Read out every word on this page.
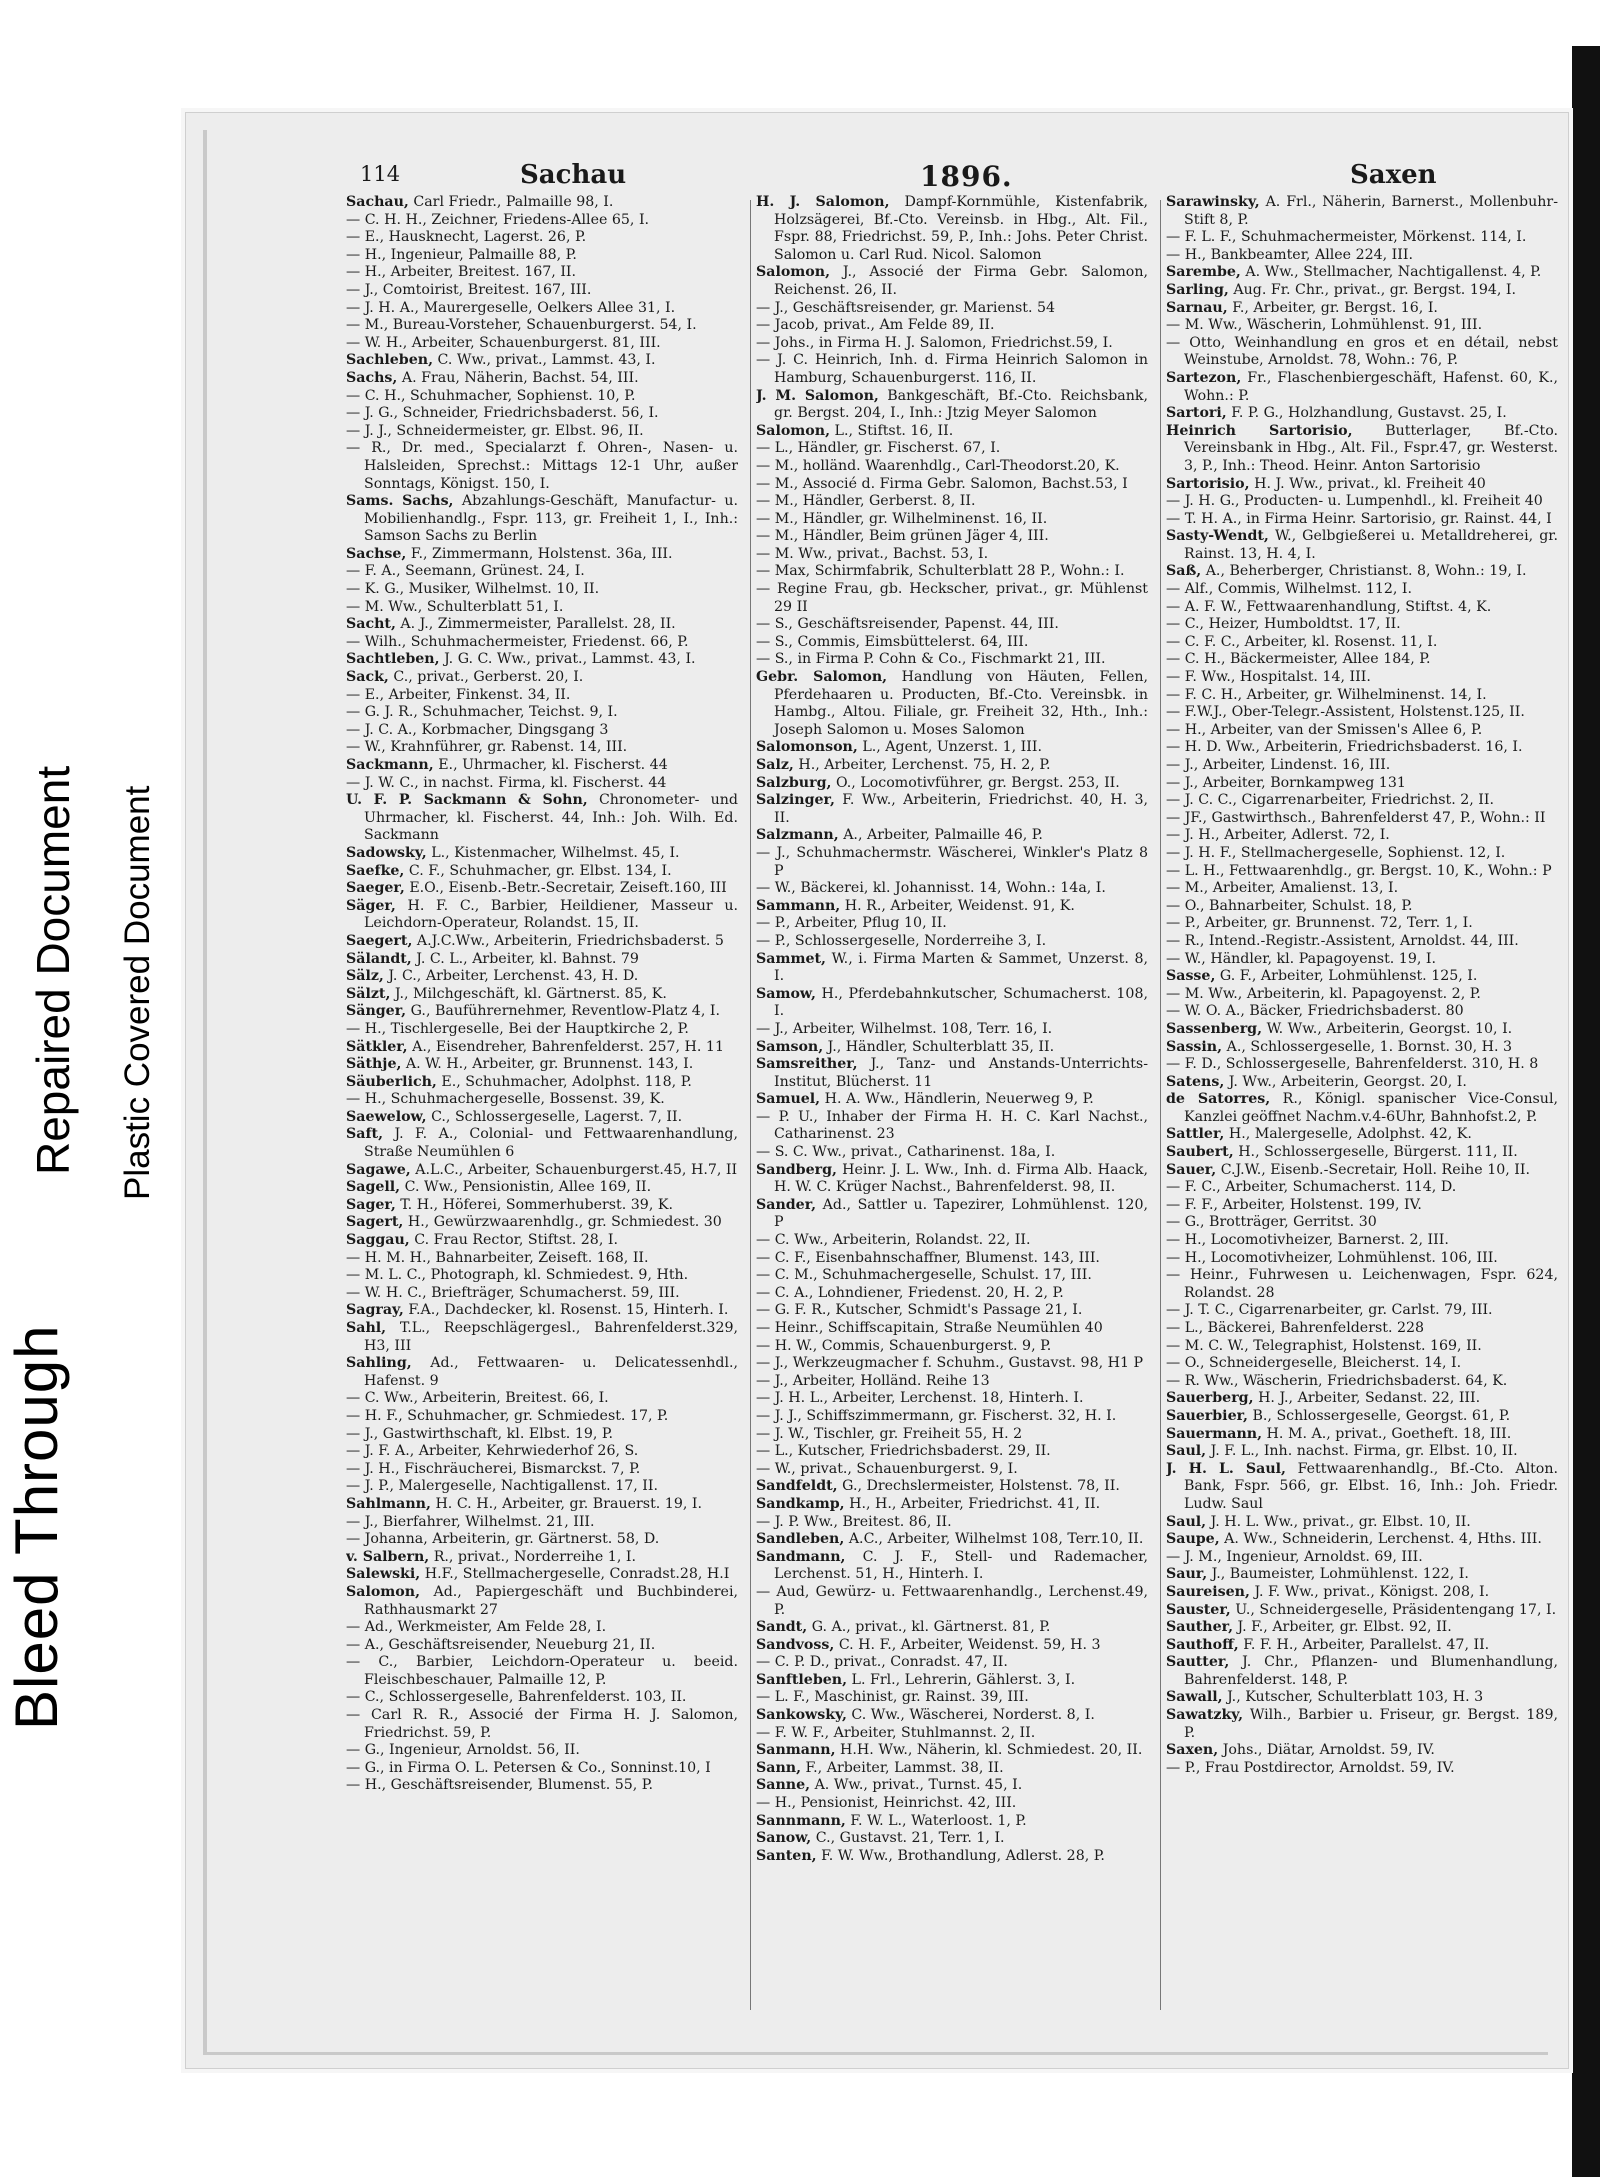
Bleed Through
Repaired Document Plastic Covered Document
114	Sachau	1896.	Saxen

Sachau, Carl Friedr., Palmaille 98, I.

— C. H. H., Zeichner, Friedens-Allee 65, I.

— E., Hausknecht, Lagerst. 26, P.

— H., Ingenieur, Palmaille 88, P.

— H., Arbeiter, Breitest. 167, II.

— J., Comtoirist, Breitest. 167, III.

— J. H. A., Maurergeselle, Oelkers Allee 31, I.

— M., Bureau-Vorsteher, Schauenburgerst. 54, I.

— W. H., Arbeiter, Schauenburgerst. 81, III.

Sachleben, C. Ww., privat., Lammst. 43, I.

Sachs, A. Frau, Näherin, Bachst. 54, III.

— C. H., Schuhmacher, Sophienst. 10, P.

— J. G., Schneider, Friedrichsbaderst. 56, I.

— J. J., Schneidermeister, gr. Elbst. 96, II.

— R., Dr. med., Specialarzt f. Ohren-, Nasen- u. Halsleiden, Sprechst.: Mittags 12-1 Uhr, außer Sonntags, Königst. 150, I.

Sams. Sachs, Abzahlungs-Geschäft, Manufactur- u. Mobilienhandlg., Fspr. 113, gr. Freiheit 1, I., Inh.: Samson Sachs zu Berlin

Sachse, F., Zimmermann, Holstenst. 36a, III.

— F. A., Seemann, Grünest. 24, I.

— K. G., Musiker, Wilhelmst. 10, II.

— M. Ww., Schulterblatt 51, I.

Sacht, A. J., Zimmermeister, Parallelst. 28, II.

— Wilh., Schuhmachermeister, Friedenst. 66, P.

Sachtleben, J. G. C. Ww., privat., Lammst. 43, I.

Sack, C., privat., Gerberst. 20, I.

— E., Arbeiter, Finkenst. 34, II.

— G. J. R., Schuhmacher, Teichst. 9, I.

— J. C. A., Korbmacher, Dingsgang 3

— W., Krahnführer, gr. Rabenst. 14, III.

Sackmann, E., Uhrmacher, kl. Fischerst. 44

— J. W. C., in nachst. Firma, kl. Fischerst. 44

U. F. P. Sackmann & Sohn, Chronometer- und Uhrmacher, kl. Fischerst. 44, Inh.: Joh. Wilh. Ed. Sackmann

Sadowsky, L., Kistenmacher, Wilhelmst. 45, I.

Saefke, C. F., Schuhmacher, gr. Elbst. 134, I.

Saeger, E.O., Eisenb.-Betr.-Secretair, Zeiseft.160, III

Säger, H. F. C., Barbier, Heildiener, Masseur u. Leichdorn-Operateur, Rolandst. 15, II.

Saegert, A.J.C.Ww., Arbeiterin, Friedrichsbaderst. 5

Sälandt, J. C. L., Arbeiter, kl. Bahnst. 79

Sälz, J. C., Arbeiter, Lerchenst. 43, H. D.

Sälzt, J., Milchgeschäft, kl. Gärtnerst. 85, K.

Sänger, G., Bauführernehmer, Reventlow-Platz 4, I.

— H., Tischlergeselle, Bei der Hauptkirche 2, P.

Sätkler, A., Eisendreher, Bahrenfelderst. 257, H. 11

Säthje, A. W. H., Arbeiter, gr. Brunnenst. 143, I.

Säuberlich, E., Schuhmacher, Adolphst. 118, P.

— H., Schuhmachergeselle, Bossenst. 39, K.

Saewelow, C., Schlossergeselle, Lagerst. 7, II.

Saft, J. F. A., Colonial- und Fettwaarenhandlung, Straße Neumühlen 6

Sagawe, A.L.C., Arbeiter, Schauenburgerst.45, H.7, II

Sagell, C. Ww., Pensionistin, Allee 169, II.

Sager, T. H., Höferei, Sommerhuberst. 39, K.

Sagert, H., Gewürzwaarenhdlg., gr. Schmiedest. 30

Saggau, C. Frau Rector, Stiftst. 28, I.

— H. M. H., Bahnarbeiter, Zeiseft. 168, II.

— M. L. C., Photograph, kl. Schmiedest. 9, Hth.

— W. H. C., Briefträger, Schumacherst. 59, III.

Sagray, F.A., Dachdecker, kl. Rosenst. 15, Hinterh. I.

Sahl, T.L., Reepschlägergesl., Bahrenfelderst.329, H3, III

Sahling, Ad., Fettwaaren- u. Delicatessenhdl., Hafenst. 9

— C. Ww., Arbeiterin, Breitest. 66, I.

— H. F., Schuhmacher, gr. Schmiedest. 17, P.

— J., Gastwirthschaft, kl. Elbst. 19, P.

— J. F. A., Arbeiter, Kehrwiederhof 26, S.

— J. H., Fischräucherei, Bismarckst. 7, P.

— J. P., Malergeselle, Nachtigallenst. 17, II.

Sahlmann, H. C. H., Arbeiter, gr. Brauerst. 19, I.

— J., Bierfahrer, Wilhelmst. 21, III.

— Johanna, Arbeiterin, gr. Gärtnerst. 58, D.

v. Salbern, R., privat., Norderreihe 1, I.

Salewski, H.F., Stellmachergeselle, Conradst.28, H.I

Salomon, Ad., Papiergeschäft und Buchbinderei, Rathhausmarkt 27

— Ad., Werkmeister, Am Felde 28, I.

— A., Geschäftsreisender, Neueburg 21, II.

— C., Barbier, Leichdorn-Operateur u. beeid. Fleischbeschauer, Palmaille 12, P.

— C., Schlossergeselle, Bahrenfelderst. 103, II.

— Carl R. R., Associé der Firma H. J. Salomon, Friedrichst. 59, P.

— G., Ingenieur, Arnoldst. 56, II.

— G., in Firma O. L. Petersen & Co., Sonninst.10, I

— H., Geschäftsreisender, Blumenst. 55, P.

H. J. Salomon, Dampf-Kornmühle, Kistenfabrik, Holzsägerei, Bf.-Cto. Vereinsb. in Hbg., Alt. Fil., Fspr. 88, Friedrichst. 59, P., Inh.: Johs. Peter Christ. Salomon u. Carl Rud. Nicol. Salomon

Salomon, J., Associé der Firma Gebr. Salomon, Reichenst. 26, II.

— J., Geschäftsreisender, gr. Marienst. 54

— Jacob, privat., Am Felde 89, II.

— Johs., in Firma H. J. Salomon, Friedrichst.59, I.

— J. C. Heinrich, Inh. d. Firma Heinrich Salomon in Hamburg, Schauenburgerst. 116, II.

J. M. Salomon, Bankgeschäft, Bf.-Cto. Reichsbank, gr. Bergst. 204, I., Inh.: Jtzig Meyer Salomon

Salomon, L., Stiftst. 16, II.

— L., Händler, gr. Fischerst. 67, I.

— M., holländ. Waarenhdlg., Carl-Theodorst.20, K.

— M., Associé d. Firma Gebr. Salomon, Bachst.53, I

— M., Händler, Gerberst. 8, II.

— M., Händler, gr. Wilhelminenst. 16, II.

— M., Händler, Beim grünen Jäger 4, III.

— M. Ww., privat., Bachst. 53, I.

— Max, Schirmfabrik, Schulterblatt 28 P., Wohn.: I.

— Regine Frau, gb. Heckscher, privat., gr. Mühlenst 29 II

— S., Geschäftsreisender, Papenst. 44, III.

— S., Commis, Eimsbüttelerst. 64, III.

— S., in Firma P. Cohn & Co., Fischmarkt 21, III.

Gebr. Salomon, Handlung von Häuten, Fellen, Pferdehaaren u. Producten, Bf.-Cto. Vereinsbk. in Hambg., Altou. Filiale, gr. Freiheit 32, Hth., Inh.: Joseph Salomon u. Moses Salomon

Salomonson, L., Agent, Unzerst. 1, III.

Salz, H., Arbeiter, Lerchenst. 75, H. 2, P.

Salzburg, O., Locomotivführer, gr. Bergst. 253, II.

Salzinger, F. Ww., Arbeiterin, Friedrichst. 40, H. 3, II.

Salzmann, A., Arbeiter, Palmaille 46, P.

— J., Schuhmachermstr. Wäscherei, Winkler's Platz 8 P

— W., Bäckerei, kl. Johannisst. 14, Wohn.: 14a, I.

Sammann, H. R., Arbeiter, Weidenst. 91, K.

— P., Arbeiter, Pflug 10, II.

— P., Schlossergeselle, Norderreihe 3, I.

Sammet, W., i. Firma Marten & Sammet, Unzerst. 8, I.

Samow, H., Pferdebahnkutscher, Schumacherst. 108, I.

— J., Arbeiter, Wilhelmst. 108, Terr. 16, I.

Samson, J., Händler, Schulterblatt 35, II.

Samsreither, J., Tanz- und Anstands-Unterrichts-Institut, Blücherst. 11

Samuel, H. A. Ww., Händlerin, Neuerweg 9, P.

— P. U., Inhaber der Firma H. H. C. Karl Nachst., Catharinenst. 23

— S. C. Ww., privat., Catharinenst. 18a, I.

Sandberg, Heinr. J. L. Ww., Inh. d. Firma Alb. Haack, H. W. C. Krüger Nachst., Bahrenfelderst. 98, II.

Sander, Ad., Sattler u. Tapezirer, Lohmühlenst. 120, P

— C. Ww., Arbeiterin, Rolandst. 22, II.

— C. F., Eisenbahnschaffner, Blumenst. 143, III.

— C. M., Schuhmachergeselle, Schulst. 17, III.

— C. A., Lohndiener, Friedenst. 20, H. 2, P.

— G. F. R., Kutscher, Schmidt's Passage 21, I.

— Heinr., Schiffscapitain, Straße Neumühlen 40

— H. W., Commis, Schauenburgerst. 9, P.

— J., Werkzeugmacher f. Schuhm., Gustavst. 98, H1 P

— J., Arbeiter, Holländ. Reihe 13

— J. H. L., Arbeiter, Lerchenst. 18, Hinterh. I.

— J. J., Schiffszimmermann, gr. Fischerst. 32, H. I.

— J. W., Tischler, gr. Freiheit 55, H. 2

— L., Kutscher, Friedrichsbaderst. 29, II.

— W., privat., Schauenburgerst. 9, I.

Sandfeldt, G., Drechslermeister, Holstenst. 78, II.

Sandkamp, H., H., Arbeiter, Friedrichst. 41, II.

— J. P. Ww., Breitest. 86, II.

Sandleben, A.C., Arbeiter, Wilhelmst 108, Terr.10, II.

Sandmann, C. J. F., Stell- und Rademacher, Lerchenst. 51, H., Hinterh. I.

— Aud, Gewürz- u. Fettwaarenhandlg., Lerchenst.49, P.

Sandt, G. A., privat., kl. Gärtnerst. 81, P.

Sandvoss, C. H. F., Arbeiter, Weidenst. 59, H. 3

— C. P. D., privat., Conradst. 47, II.

Sanftleben, L. Frl., Lehrerin, Gählerst. 3, I.

— L. F., Maschinist, gr. Rainst. 39, III.

Sankowsky, C. Ww., Wäscherei, Norderst. 8, I.

— F. W. F., Arbeiter, Stuhlmannst. 2, II.

Sanmann, H.H. Ww., Näherin, kl. Schmiedest. 20, II.

Sann, F., Arbeiter, Lammst. 38, II.

Sanne, A. Ww., privat., Turnst. 45, I.

— H., Pensionist, Heinrichst. 42, III.

Sannmann, F. W. L., Waterloost. 1, P.

Sanow, C., Gustavst. 21, Terr. 1, I.

Santen, F. W. Ww., Brothandlung, Adlerst. 28, P.

Sarawinsky, A. Frl., Näherin, Barnerst., Mollenbuhr-Stift 8, P.

— F. L. F., Schuhmachermeister, Mörkenst. 114, I.

— H., Bankbeamter, Allee 224, III.

Sarembe, A. Ww., Stellmacher, Nachtigallenst. 4, P.

Sarling, Aug. Fr. Chr., privat., gr. Bergst. 194, I.

Sarnau, F., Arbeiter, gr. Bergst. 16, I.

— M. Ww., Wäscherin, Lohmühlenst. 91, III.

— Otto, Weinhandlung en gros et en détail, nebst Weinstube, Arnoldst. 78, Wohn.: 76, P.

Sartezon, Fr., Flaschenbiergeschäft, Hafenst. 60, K., Wohn.: P.

Sartori, F. P. G., Holzhandlung, Gustavst. 25, I.

Heinrich Sartorisio, Butterlager, Bf.-Cto. Vereinsbank in Hbg., Alt. Fil., Fspr.47, gr. Westerst. 3, P., Inh.: Theod. Heinr. Anton Sartorisio

Sartorisio, H. J. Ww., privat., kl. Freiheit 40

— J. H. G., Producten- u. Lumpenhdl., kl. Freiheit 40

— T. H. A., in Firma Heinr. Sartorisio, gr. Rainst. 44, I

Sasty-Wendt, W., Gelbgießerei u. Metalldreherei, gr. Rainst. 13, H. 4, I.

Saß, A., Beherberger, Christianst. 8, Wohn.: 19, I.

— Alf., Commis, Wilhelmst. 112, I.

— A. F. W., Fettwaarenhandlung, Stiftst. 4, K.

— C., Heizer, Humboldtst. 17, II.

— C. F. C., Arbeiter, kl. Rosenst. 11, I.

— C. H., Bäckermeister, Allee 184, P.

— F. Ww., Hospitalst. 14, III.

— F. C. H., Arbeiter, gr. Wilhelminenst. 14, I.

— F.W.J., Ober-Telegr.-Assistent, Holstenst.125, II.

— H., Arbeiter, van der Smissen's Allee 6, P.

— H. D. Ww., Arbeiterin, Friedrichsbaderst. 16, I.

— J., Arbeiter, Lindenst. 16, III.

— J., Arbeiter, Bornkampweg 131

— J. C. C., Cigarrenarbeiter, Friedrichst. 2, II.

— JF., Gastwirthsch., Bahrenfelderst 47, P., Wohn.: II

— J. H., Arbeiter, Adlerst. 72, I.

— J. H. F., Stellmachergeselle, Sophienst. 12, I.

— L. H., Fettwaarenhdlg., gr. Bergst. 10, K., Wohn.: P

— M., Arbeiter, Amalienst. 13, I.

— O., Bahnarbeiter, Schulst. 18, P.

— P., Arbeiter, gr. Brunnenst. 72, Terr. 1, I.

— R., Intend.-Registr.-Assistent, Arnoldst. 44, III.

— W., Händler, kl. Papagoyenst. 19, I.

Sasse, G. F., Arbeiter, Lohmühlenst. 125, I.

— M. Ww., Arbeiterin, kl. Papagoyenst. 2, P.

— W. O. A., Bäcker, Friedrichsbaderst. 80

Sassenberg, W. Ww., Arbeiterin, Georgst. 10, I.

Sassin, A., Schlossergeselle, 1. Bornst. 30, H. 3

— F. D., Schlossergeselle, Bahrenfelderst. 310, H. 8

Satens, J. Ww., Arbeiterin, Georgst. 20, I.

de Satorres, R., Königl. spanischer Vice-Consul, Kanzlei geöffnet Nachm.v.4-6Uhr, Bahnhofst.2, P.

Sattler, H., Malergeselle, Adolphst. 42, K.

Saubert, H., Schlossergeselle, Bürgerst. 111, II.

Sauer, C.J.W., Eisenb.-Secretair, Holl. Reihe 10, II.

— F. C., Arbeiter, Schumacherst. 114, D.

— F. F., Arbeiter, Holstenst. 199, IV.

— G., Brotträger, Gerritst. 30

— H., Locomotivheizer, Barnerst. 2, III.

— H., Locomotivheizer, Lohmühlenst. 106, III.

— Heinr., Fuhrwesen u. Leichenwagen, Fspr. 624, Rolandst. 28

— J. T. C., Cigarrenarbeiter, gr. Carlst. 79, III.

— L., Bäckerei, Bahrenfelderst. 228

— M. C. W., Telegraphist, Holstenst. 169, II.

— O., Schneidergeselle, Bleicherst. 14, I.

— R. Ww., Wäscherin, Friedrichsbaderst. 64, K.

Sauerberg, H. J., Arbeiter, Sedanst. 22, III.

Sauerbier, B., Schlossergeselle, Georgst. 61, P.

Sauermann, H. M. A., privat., Goetheft. 18, III.

Saul, J. F. L., Inh. nachst. Firma, gr. Elbst. 10, II.

J. H. L. Saul, Fettwaarenhandlg., Bf.-Cto. Alton. Bank, Fspr. 566, gr. Elbst. 16, Inh.: Joh. Friedr. Ludw. Saul

Saul, J. H. L. Ww., privat., gr. Elbst. 10, II.

Saupe, A. Ww., Schneiderin, Lerchenst. 4, Hths. III.

— J. M., Ingenieur, Arnoldst. 69, III.

Saur, J., Baumeister, Lohmühlenst. 122, I.

Saureisen, J. F. Ww., privat., Königst. 208, I.

Sauster, U., Schneidergeselle, Präsidentengang 17, I.

Sauther, J. F., Arbeiter, gr. Elbst. 92, II.

Sauthoff, F. F. H., Arbeiter, Parallelst. 47, II.

Sautter, J. Chr., Pflanzen- und Blumenhandlung, Bahrenfelderst. 148, P.

Sawall, J., Kutscher, Schulterblatt 103, H. 3

Sawatzky, Wilh., Barbier u. Friseur, gr. Bergst. 189, P.

Saxen, Johs., Diätar, Arnoldst. 59, IV.

— P., Frau Postdirector, Arnoldst. 59, IV.
